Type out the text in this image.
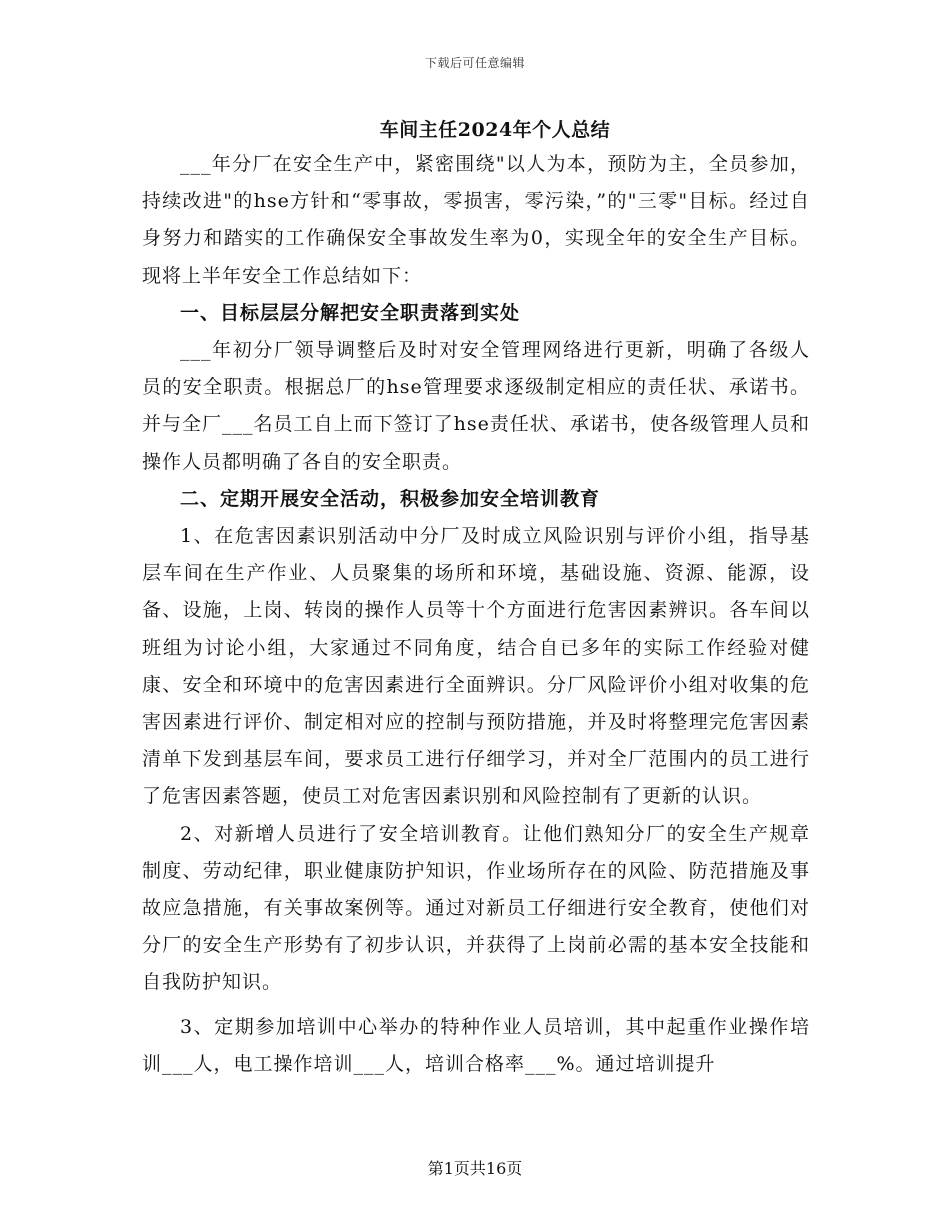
下载后可任意编辑
车间主任2024年个人总结

___年分厂在安全生产中，紧密围绕"以人为本，预防为主，全员参加，持续改进"的hse方针和“零事故，零损害，零污染，”的"三零"目标。经过自身努力和踏实的工作确保安全事故发生率为0，实现全年的安全生产目标。现将上半年安全工作总结如下：

一、目标层层分解把安全职责落到实处

___年初分厂领导调整后及时对安全管理网络进行更新，明确了各级人员的安全职责。根据总厂的hse管理要求逐级制定相应的责任状、承诺书。并与全厂___名员工自上而下签订了hse责任状、承诺书，使各级管理人员和操作人员都明确了各自的安全职责。

二、定期开展安全活动，积极参加安全培训教育

1、在危害因素识别活动中分厂及时成立风险识别与评价小组，指导基层车间在生产作业、人员聚集的场所和环境，基础设施、资源、能源，设备、设施，上岗、转岗的操作人员等十个方面进行危害因素辨识。各车间以班组为讨论小组，大家通过不同角度，结合自已多年的实际工作经验对健康、安全和环境中的危害因素进行全面辨识。分厂风险评价小组对收集的危害因素进行评价、制定相对应的控制与预防措施，并及时将整理完危害因素清单下发到基层车间，要求员工进行仔细学习，并对全厂范围内的员工进行了危害因素答题，使员工对危害因素识别和风险控制有了更新的认识。

2、对新增人员进行了安全培训教育。让他们熟知分厂的安全生产规章制度、劳动纪律，职业健康防护知识，作业场所存在的风险、防范措施及事故应急措施，有关事故案例等。通过对新员工仔细进行安全教育，使他们对分厂的安全生产形势有了初步认识，并获得了上岗前必需的基本安全技能和自我防护知识。

3、定期参加培训中心举办的特种作业人员培训，其中起重作业操作培训___人，电工操作培训___人，培训合格率___%。通过培训提升

第1页共16页
